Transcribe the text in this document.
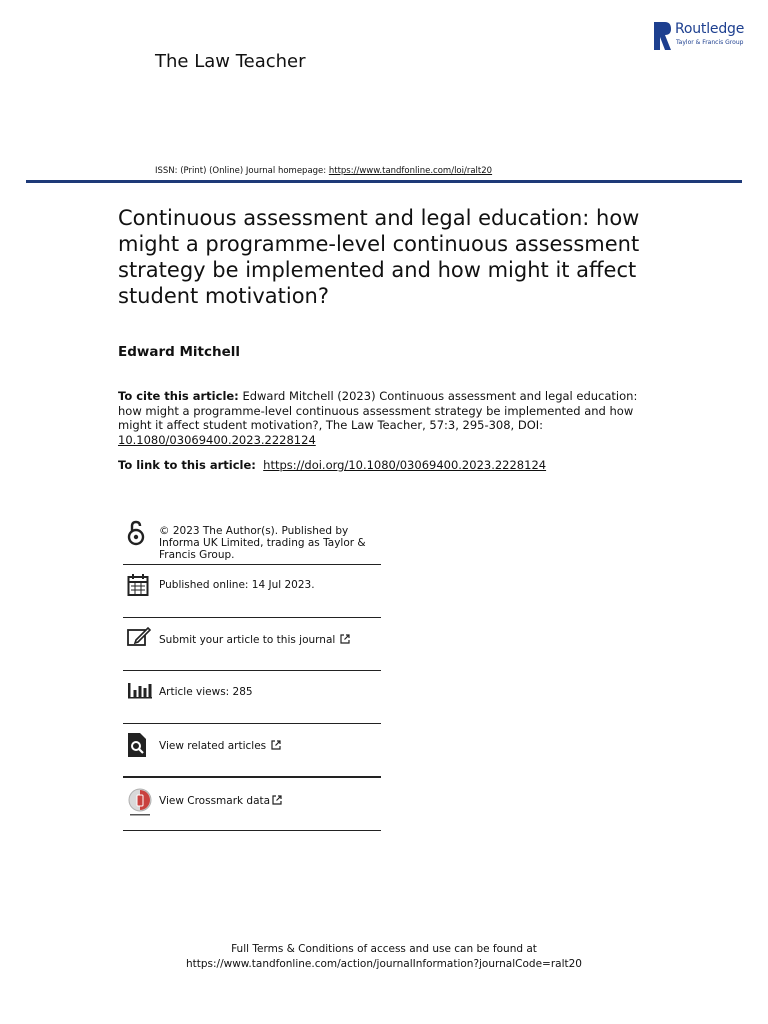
Routledge
Taylor & Francis Group
The Law Teacher
ISSN: (Print) (Online) Journal homepage: https://www.tandfonline.com/loi/ralt20
Continuous assessment and legal education: how might a programme-level continuous assessment strategy be implemented and how might it affect student motivation?
Edward Mitchell
To cite this article: Edward Mitchell (2023) Continuous assessment and legal education: how might a programme-level continuous assessment strategy be implemented and how might it affect student motivation?, The Law Teacher, 57:3, 295-308, DOI:
10.1080/03069400.2023.2228124
To link to this article: https://doi.org/10.1080/03069400.2023.2228124
© 2023 The Author(s). Published by Informa UK Limited, trading as Taylor & Francis Group.
Published online: 14 Jul 2023.
Submit your article to this journal
Article views: 285
View related articles
View Crossmark data
Full Terms & Conditions of access and use can be found at
https://www.tandfonline.com/action/journalInformation?journalCode=ralt20
